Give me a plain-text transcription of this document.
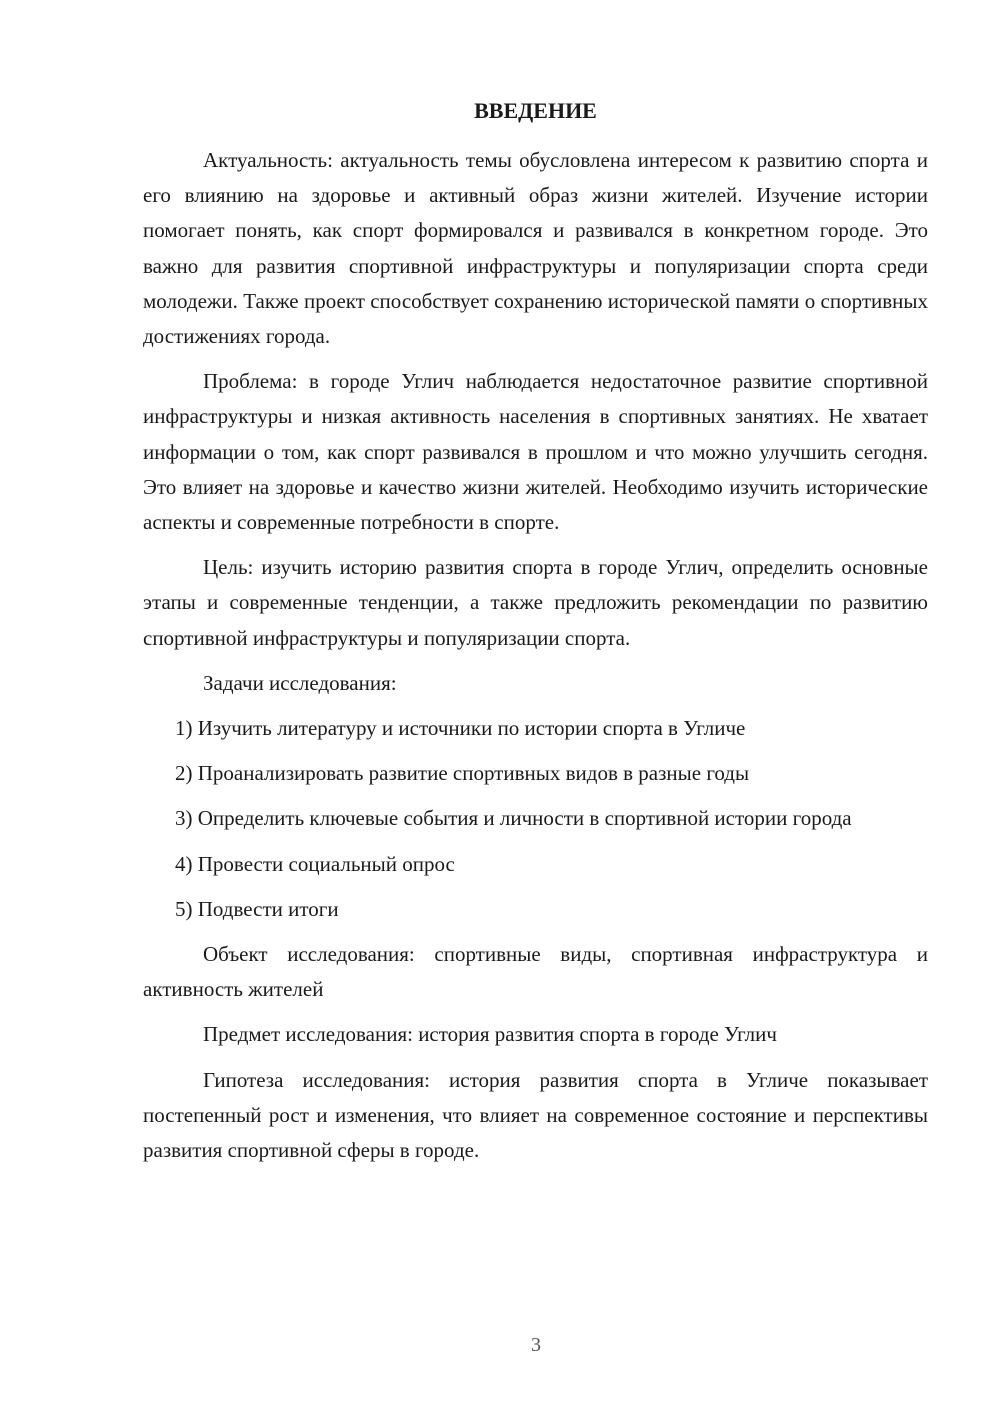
ВВЕДЕНИЕ

Актуальность: актуальность темы обусловлена интересом к развитию спорта и его влиянию на здоровье и активный образ жизни жителей. Изучение истории помогает понять, как спорт формировался и развивался в конкретном городе. Это важно для развития спортивной инфраструктуры и популяризации спорта среди молодежи. Также проект способствует сохранению исторической памяти о спортивных достижениях города.

Проблема: в городе Углич наблюдается недостаточное развитие спортивной инфраструктуры и низкая активность населения в спортивных занятиях. Не хватает информации о том, как спорт развивался в прошлом и что можно улучшить сегодня. Это влияет на здоровье и качество жизни жителей. Необходимо изучить исторические аспекты и современные потребности в спорте.

Цель: изучить историю развития спорта в городе Углич, определить основные этапы и современные тенденции, а также предложить рекомендации по развитию спортивной инфраструктуры и популяризации спорта.

Задачи исследования:

1) Изучить литературу и источники по истории спорта в Угличе

2) Проанализировать развитие спортивных видов в разные годы

3) Определить ключевые события и личности в спортивной истории города

4) Провести социальный опрос

5) Подвести итоги

Объект исследования: спортивные виды, спортивная инфраструктура и активность жителей

Предмет исследования: история развития спорта в городе Углич

Гипотеза исследования: история развития спорта в Угличе показывает постепенный рост и изменения, что влияет на современное состояние и перспективы развития спортивной сферы в городе.

3
